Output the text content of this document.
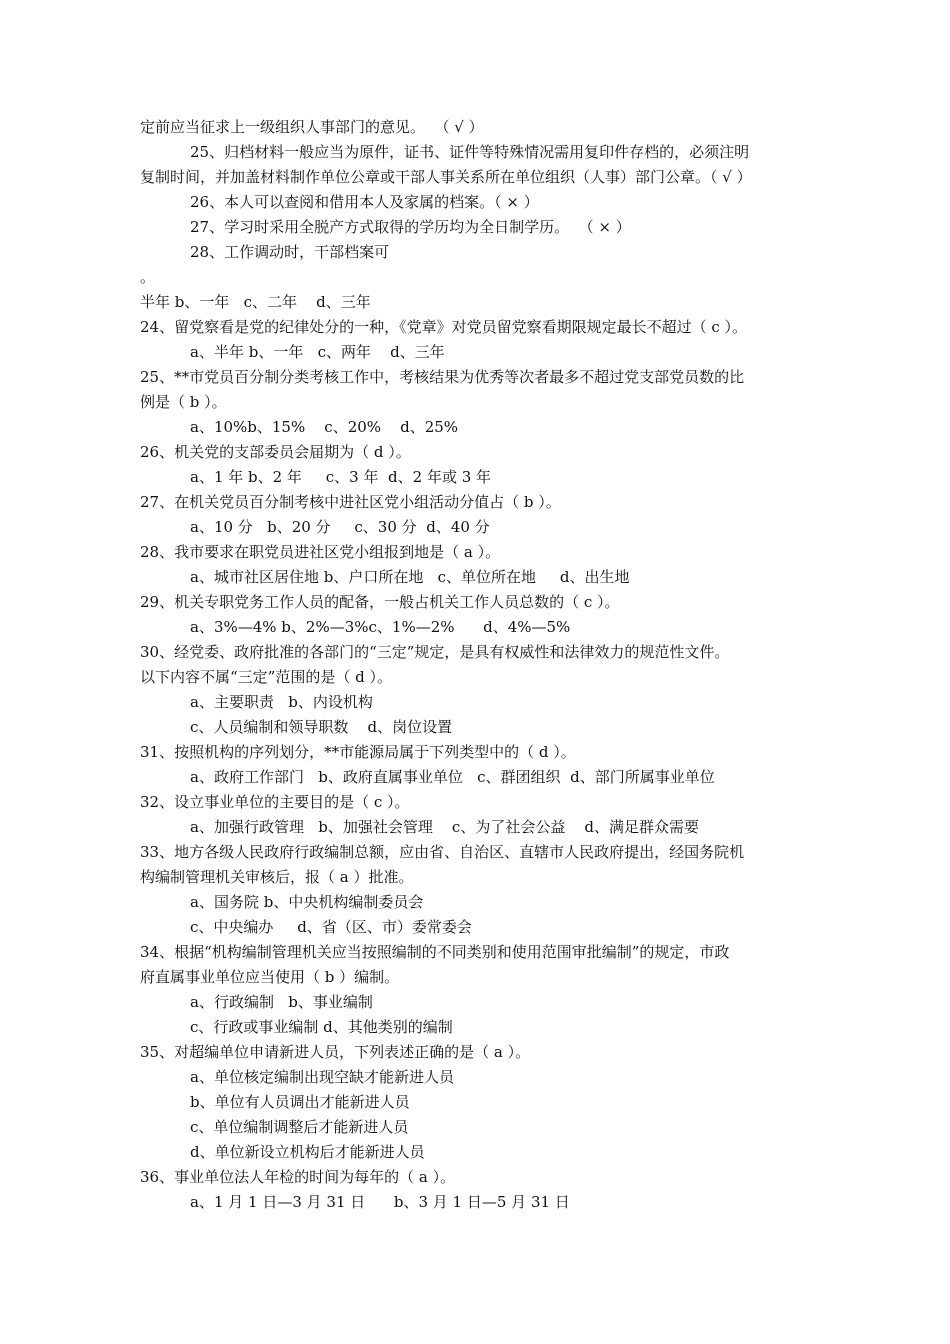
定前应当征求上一级组织人事部门的意见。  （ √ ）
25、归档材料一般应当为原件，证书、证件等特殊情况需用复印件存档的，必须注明
复制时间，并加盖材料制作单位公章或干部人事关系所在单位组织（人事）部门公章。（ √ ）
26、本人可以查阅和借用本人及家属的档案。（ × ）
27、学习时采用全脱产方式取得的学历均为全日制学历。  （ × ）
28、工作调动时，干部档案可
。
半年 b、一年   c、二年    d、三年
24、留党察看是党的纪律处分的一种，《党章》对党员留党察看期限规定最长不超过（ c ）。
a、半年 b、一年   c、两年    d、三年
25、**市党员百分制分类考核工作中，考核结果为优秀等次者最多不超过党支部党员数的比
例是（ b ）。
a、10%b、15%    c、20%    d、25%
26、机关党的支部委员会届期为（ d ）。
a、1 年 b、2 年     c、3 年  d、2 年或 3 年
27、在机关党员百分制考核中进社区党小组活动分值占（ b ）。
a、10 分   b、20 分     c、30 分  d、40 分
28、我市要求在职党员进社区党小组报到地是（ a ）。
a、城市社区居住地 b、户口所在地   c、单位所在地     d、出生地
29、机关专职党务工作人员的配备，一般占机关工作人员总数的（ c ）。
a、3%—4% b、2%—3%c、1%—2%      d、4%—5%
30、经党委、政府批准的各部门的“三定”规定，是具有权威性和法律效力的规范性文件。
以下内容不属“三定”范围的是（ d ）。
a、主要职责   b、内设机构
c、人员编制和领导职数    d、岗位设置
31、按照机构的序列划分，**市能源局属于下列类型中的（ d ）。
a、政府工作部门   b、政府直属事业单位   c、群团组织  d、部门所属事业单位
32、设立事业单位的主要目的是（ c ）。
a、加强行政管理   b、加强社会管理    c、为了社会公益    d、满足群众需要
33、地方各级人民政府行政编制总额，应由省、自治区、直辖市人民政府提出，经国务院机
构编制管理机关审核后，报（ a ）批准。
a、国务院 b、中央机构编制委员会
c、中央编办     d、省（区、市）委常委会
34、根据“机构编制管理机关应当按照编制的不同类别和使用范围审批编制”的规定，市政
府直属事业单位应当使用（ b ）编制。
a、行政编制   b、事业编制
c、行政或事业编制 d、其他类别的编制
35、对超编单位申请新进人员，下列表述正确的是（ a ）。
a、单位核定编制出现空缺才能新进人员
b、单位有人员调出才能新进人员
c、单位编制调整后才能新进人员
d、单位新设立机构后才能新进人员
36、事业单位法人年检的时间为每年的（ a ）。
a、1 月 1 日—3 月 31 日      b、3 月 1 日—5 月 31 日
